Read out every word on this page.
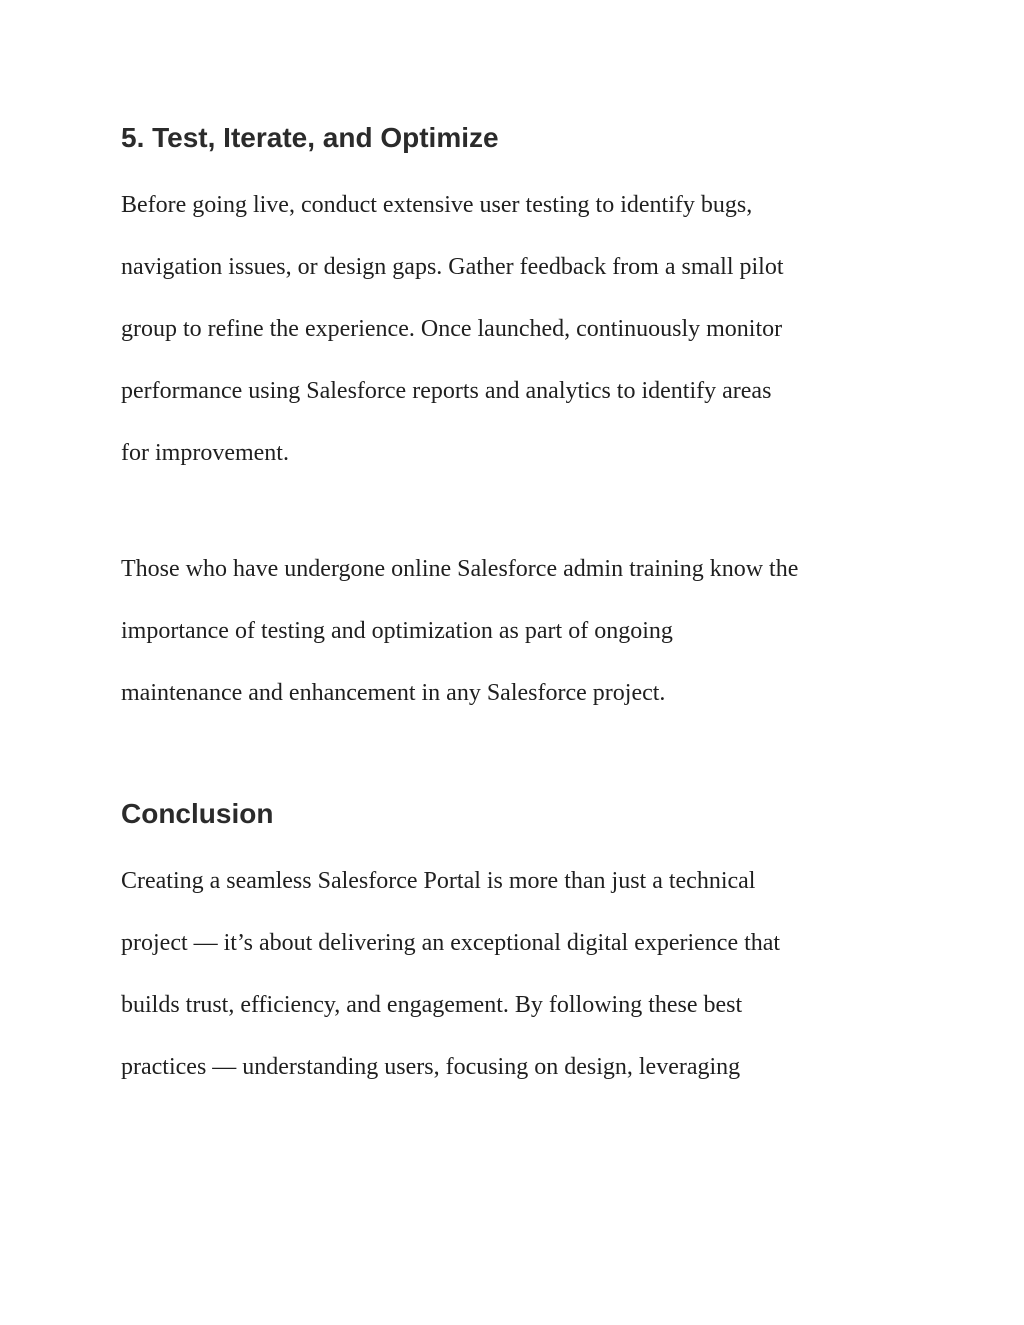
5. Test, Iterate, and Optimize

Before going live, conduct extensive user testing to identify bugs,

navigation issues, or design gaps. Gather feedback from a small pilot

group to refine the experience. Once launched, continuously monitor

performance using Salesforce reports and analytics to identify areas

for improvement.

Those who have undergone online Salesforce admin training know the

importance of testing and optimization as part of ongoing

maintenance and enhancement in any Salesforce project.

Conclusion

Creating a seamless Salesforce Portal is more than just a technical

project — it’s about delivering an exceptional digital experience that

builds trust, efficiency, and engagement. By following these best

practices — understanding users, focusing on design, leveraging
